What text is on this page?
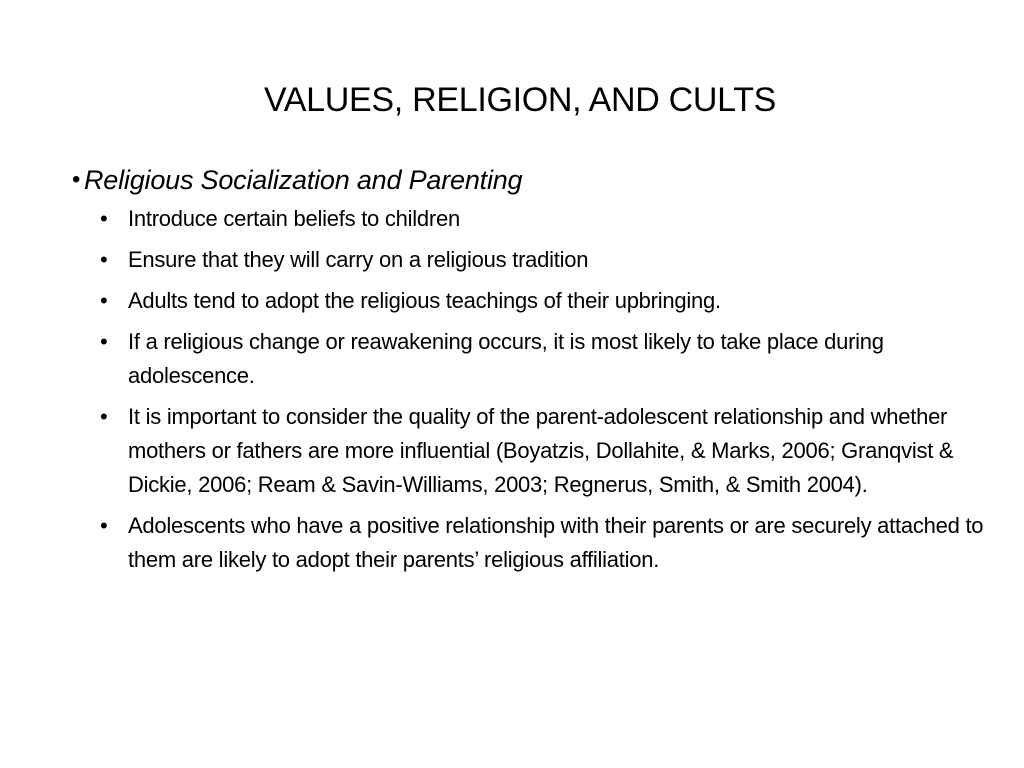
VALUES, RELIGION, AND CULTS

• Religious Socialization and Parenting

• Introduce certain beliefs to children
• Ensure that they will carry on a religious tradition
• Adults tend to adopt the religious teachings of their upbringing.
• If a religious change or reawakening occurs, it is most likely to take place during adolescence.
• It is important to consider the quality of the parent-adolescent relationship and whether mothers or fathers are more influential (Boyatzis, Dollahite, & Marks, 2006; Granqvist & Dickie, 2006; Ream & Savin-Williams, 2003; Regnerus, Smith, & Smith 2004).
• Adolescents who have a positive relationship with their parents or are securely attached to them are likely to adopt their parents’ religious affiliation.
